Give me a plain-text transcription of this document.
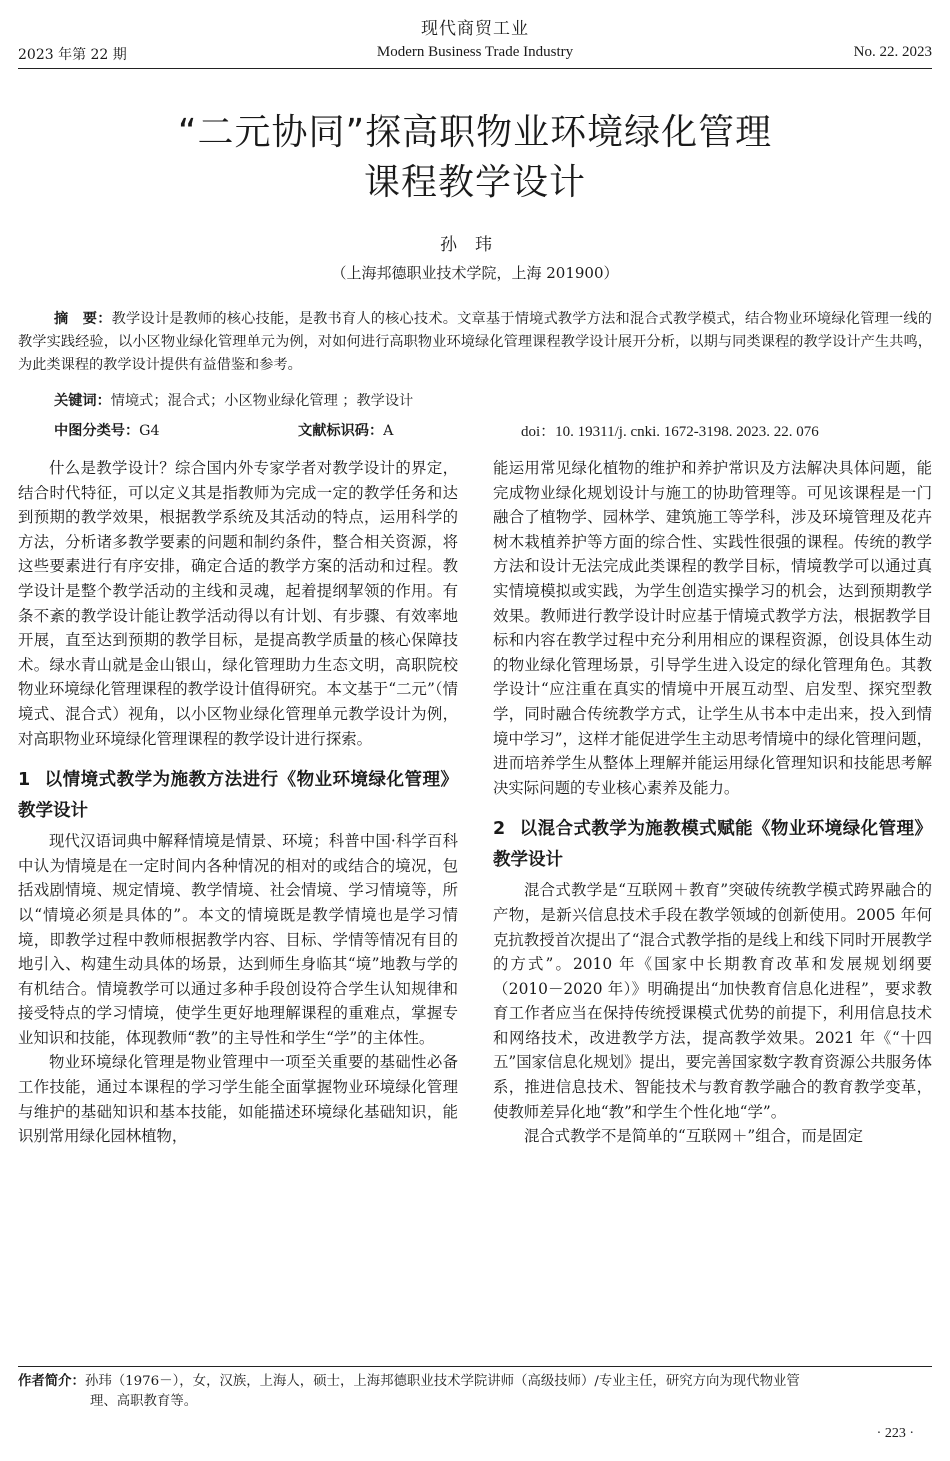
现代商贸工业
Modern Business Trade Industry
2023 年第 22 期	No. 22. 2023
“二元协同”探高职物业环境绿化管理
课程教学设计
孙玮
（上海邦德职业技术学院，上海 201900）
摘　要：教学设计是教师的核心技能，是教书育人的核心技术。文章基于情境式教学方法和混合式教学模式，结合物业环境绿化管理一线的教学实践经验，以小区物业绿化管理单元为例，对如何进行高职物业环境绿化管理课程教学设计展开分析，以期与同类课程的教学设计产生共鸣，为此类课程的教学设计提供有益借鉴和参考。
关键词：情境式；混合式；小区物业绿化管理 ；教学设计
中图分类号：G4	文献标识码：A	doi：10. 19311/j. cnki. 1672-3198. 2023. 22. 076

什么是教学设计？综合国内外专家学者对教学设计的界定，结合时代特征，可以定义其是指教师为完成一定的教学任务和达到预期的教学效果，根据教学系统及其活动的特点，运用科学的方法，分析诸多教学要素的问题和制约条件，整合相关资源，将这些要素进行有序安排，确定合适的教学方案的活动和过程。教学设计是整个教学活动的主线和灵魂，起着提纲挈领的作用。有条不紊的教学设计能让教学活动得以有计划、有步骤、有效率地开展，直至达到预期的教学目标，是提高教学质量的核心保障技术。绿水青山就是金山银山，绿化管理助力生态文明，高职院校物业环境绿化管理课程的教学设计值得研究。本文基于“二元”（情境式、混合式）视角，以小区物业绿化管理单元教学设计为例，对高职物业环境绿化管理课程的教学设计进行探索。

1 以情境式教学为施教方法进行《物业环境绿化管理》教学设计

现代汉语词典中解释情境是情景、环境；科普中国·科学百科中认为情境是在一定时间内各种情况的相对的或结合的境况，包括戏剧情境、规定情境、教学情境、社会情境、学习情境等，所以“情境必须是具体的”。本文的情境既是教学情境也是学习情境，即教学过程中教师根据教学内容、目标、学情等情况有目的地引入、构建生动具体的场景，达到师生身临其“境”地教与学的有机结合。情境教学可以通过多种手段创设符合学生认知规律和接受特点的学习情境，使学生更好地理解课程的重难点，掌握专业知识和技能，体现教师“教”的主导性和学生“学”的主体性。

物业环境绿化管理是物业管理中一项至关重要的基础性必备工作技能，通过本课程的学习学生能全面掌握物业环境绿化管理与维护的基础知识和基本技能，如能描述环境绿化基础知识，能识别常用绿化园林植物，

能运用常见绿化植物的维护和养护常识及方法解决具体问题，能完成物业绿化规划设计与施工的协助管理等。可见该课程是一门融合了植物学、园林学、建筑施工等学科，涉及环境管理及花卉树木栽植养护等方面的综合性、实践性很强的课程。传统的教学方法和设计无法完成此类课程的教学目标，情境教学可以通过真实情境模拟或实践，为学生创造实操学习的机会，达到预期教学效果。教师进行教学设计时应基于情境式教学方法，根据教学目标和内容在教学过程中充分利用相应的课程资源，创设具体生动的物业绿化管理场景，引导学生进入设定的绿化管理角色。其教学设计“应注重在真实的情境中开展互动型、启发型、探究型教学，同时融合传统教学方式，让学生从书本中走出来，投入到情境中学习”，这样才能促进学生主动思考情境中的绿化管理问题，进而培养学生从整体上理解并能运用绿化管理知识和技能思考解决实际问题的专业核心素养及能力。

2 以混合式教学为施教模式赋能《物业环境绿化管理》教学设计

混合式教学是“互联网＋教育”突破传统教学模式跨界融合的产物，是新兴信息技术手段在教学领域的创新使用。2005 年何克抗教授首次提出了“混合式教学指的是线上和线下同时开展教学的方式”。2010 年《国家中长期教育改革和发展规划纲要（2010－2020 年）》明确提出“加快教育信息化进程”，要求教育工作者应当在保持传统授课模式优势的前提下，利用信息技术和网络技术，改进教学方法，提高教学效果。2021 年《“十四五”国家信息化规划》提出，要完善国家数字教育资源公共服务体系，推进信息技术、智能技术与教育教学融合的教育教学变革，使教师差异化地“教”和学生个性化地“学”。

混合式教学不是简单的“互联网＋”组合，而是固定

作者简介：孙玮（1976－），女，汉族，上海人，硕士，上海邦德职业技术学院讲师（高级技师）/专业主任，研究方向为现代物业管
理、高职教育等。
· 223 ·
